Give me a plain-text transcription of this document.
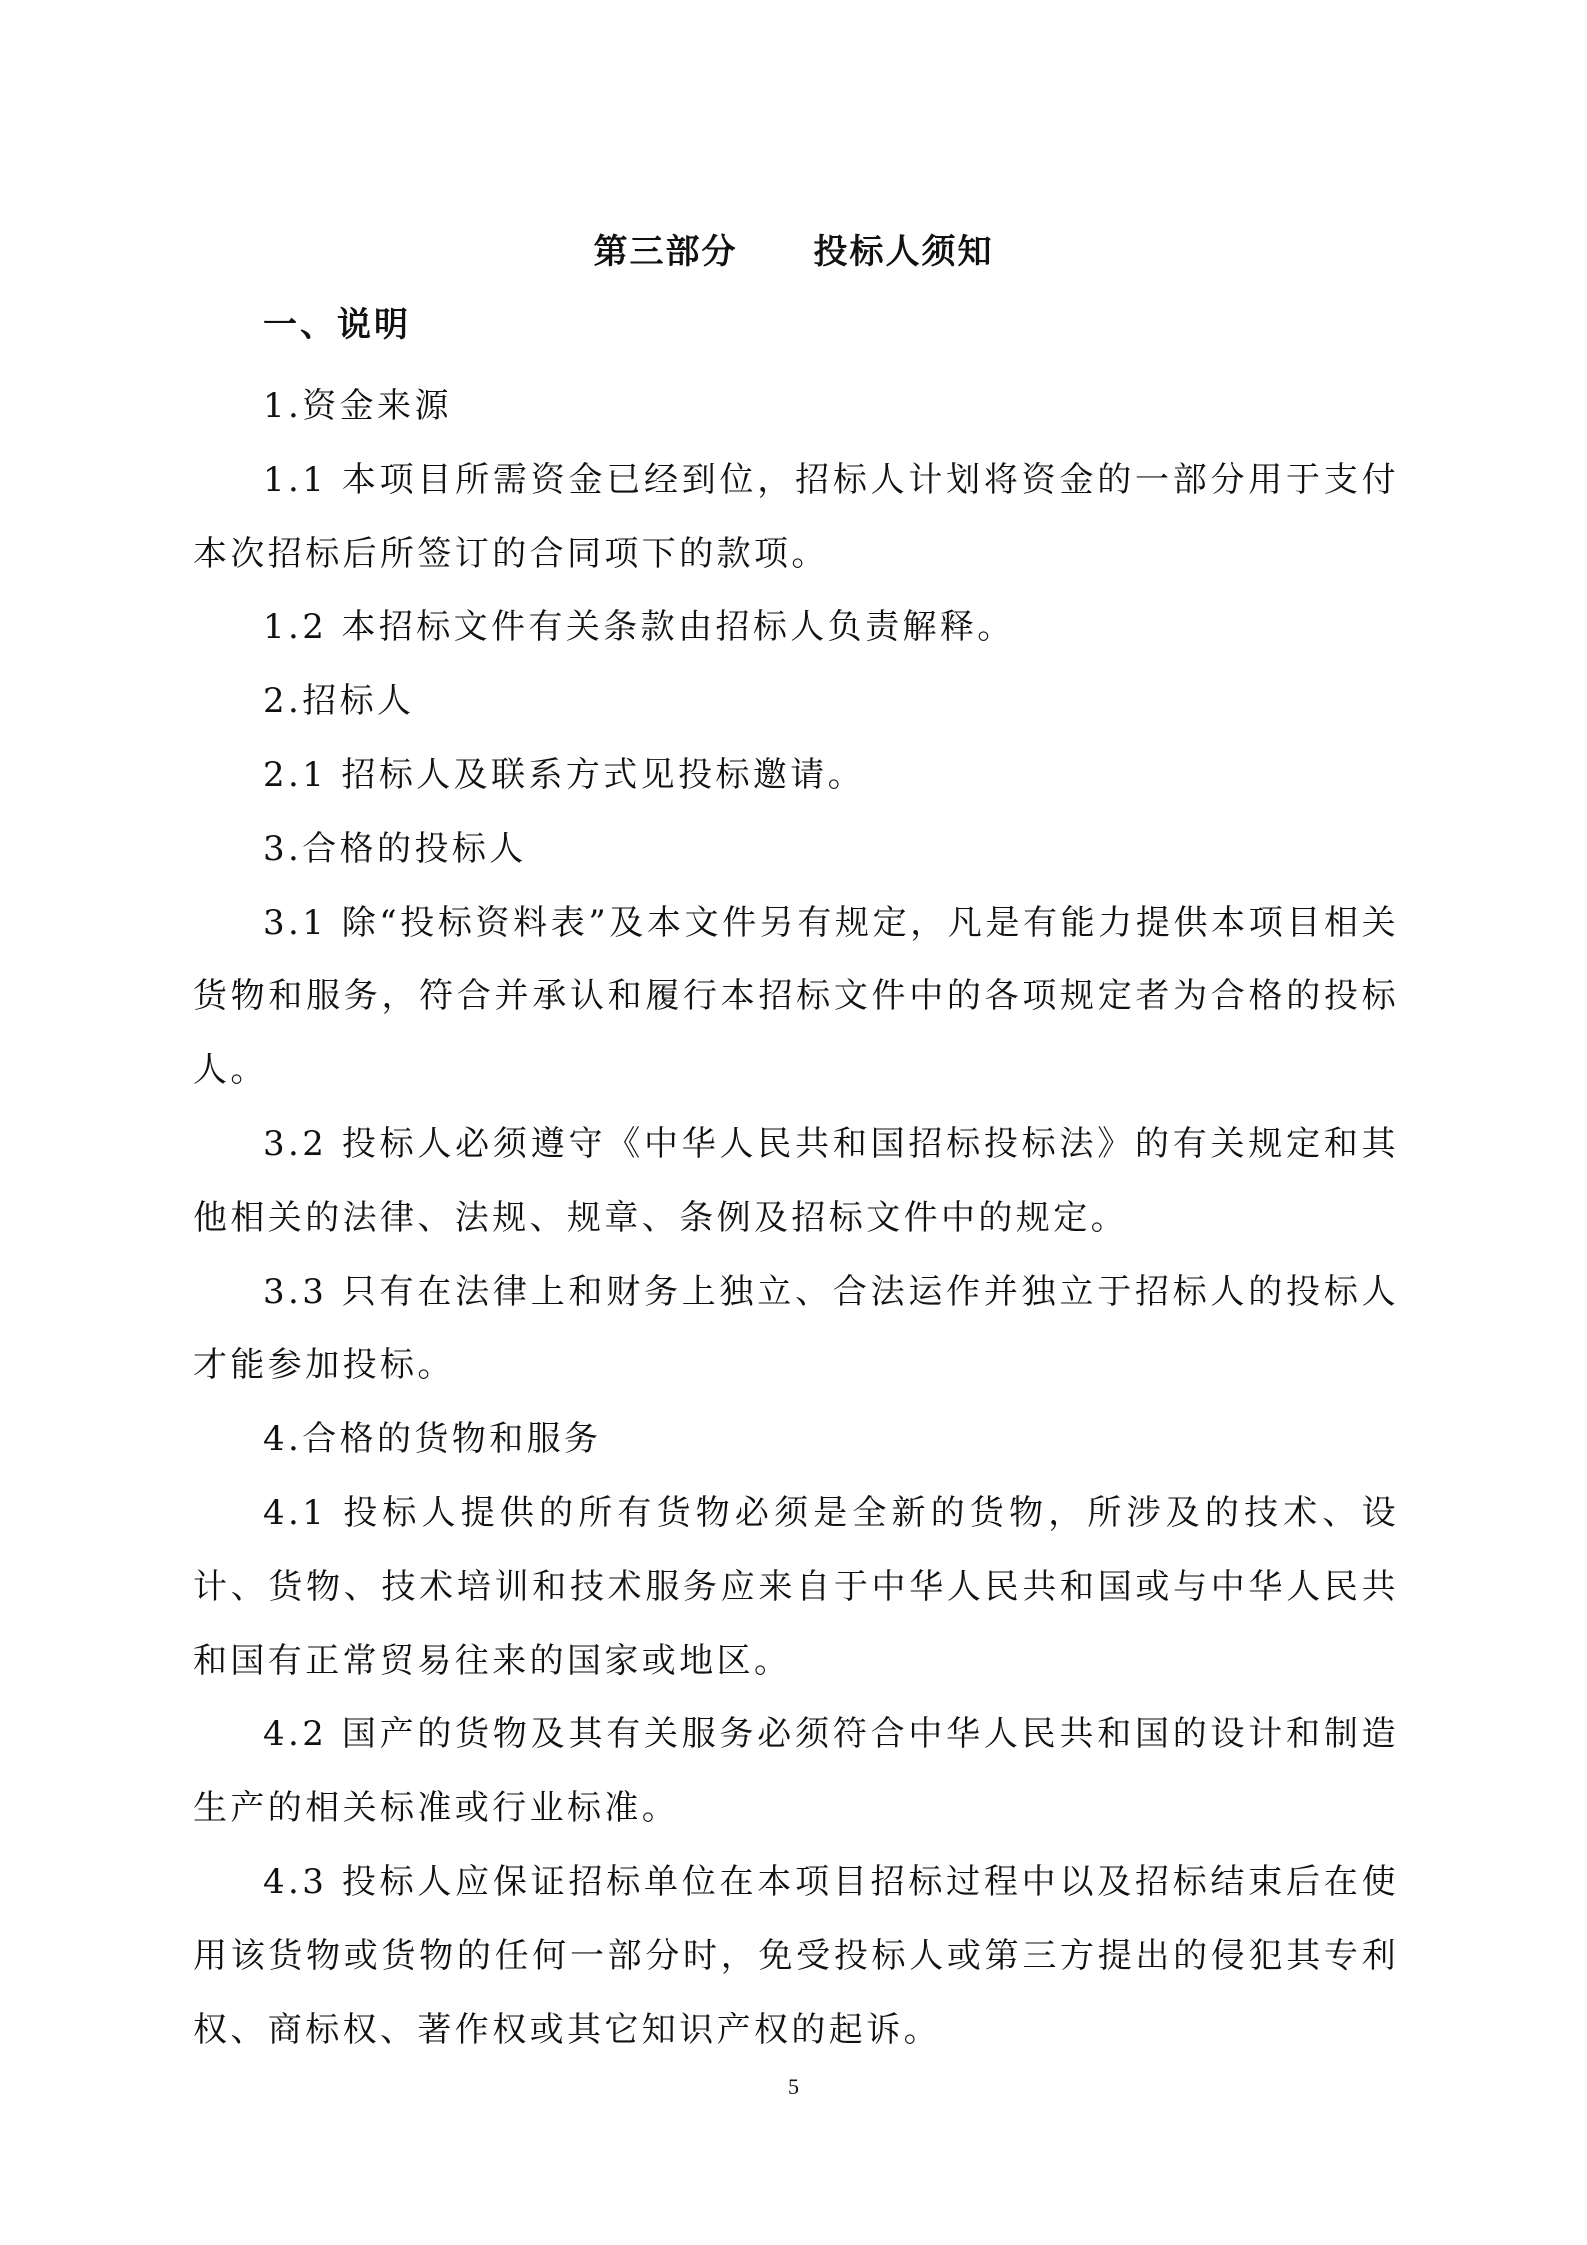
第三部分 投标人须知
一、说明

1.资金来源

1.1 本项目所需资金已经到位，招标人计划将资金的一部分用于支付本次招标后所签订的合同项下的款项。

1.2 本招标文件有关条款由招标人负责解释。

2.招标人

2.1 招标人及联系方式见投标邀请。

3.合格的投标人

3.1 除“投标资料表”及本文件另有规定，凡是有能力提供本项目相关货物和服务，符合并承认和履行本招标文件中的各项规定者为合格的投标人。

3.2 投标人必须遵守《中华人民共和国招标投标法》的有关规定和其他相关的法律、法规、规章、条例及招标文件中的规定。

3.3 只有在法律上和财务上独立、合法运作并独立于招标人的投标人才能参加投标。

4.合格的货物和服务

4.1 投标人提供的所有货物必须是全新的货物，所涉及的技术、设计、货物、技术培训和技术服务应来自于中华人民共和国或与中华人民共和国有正常贸易往来的国家或地区。

4.2 国产的货物及其有关服务必须符合中华人民共和国的设计和制造生产的相关标准或行业标准。

4.3 投标人应保证招标单位在本项目招标过程中以及招标结束后在使用该货物或货物的任何一部分时，免受投标人或第三方提出的侵犯其专利权、商标权、著作权或其它知识产权的起诉。

5
